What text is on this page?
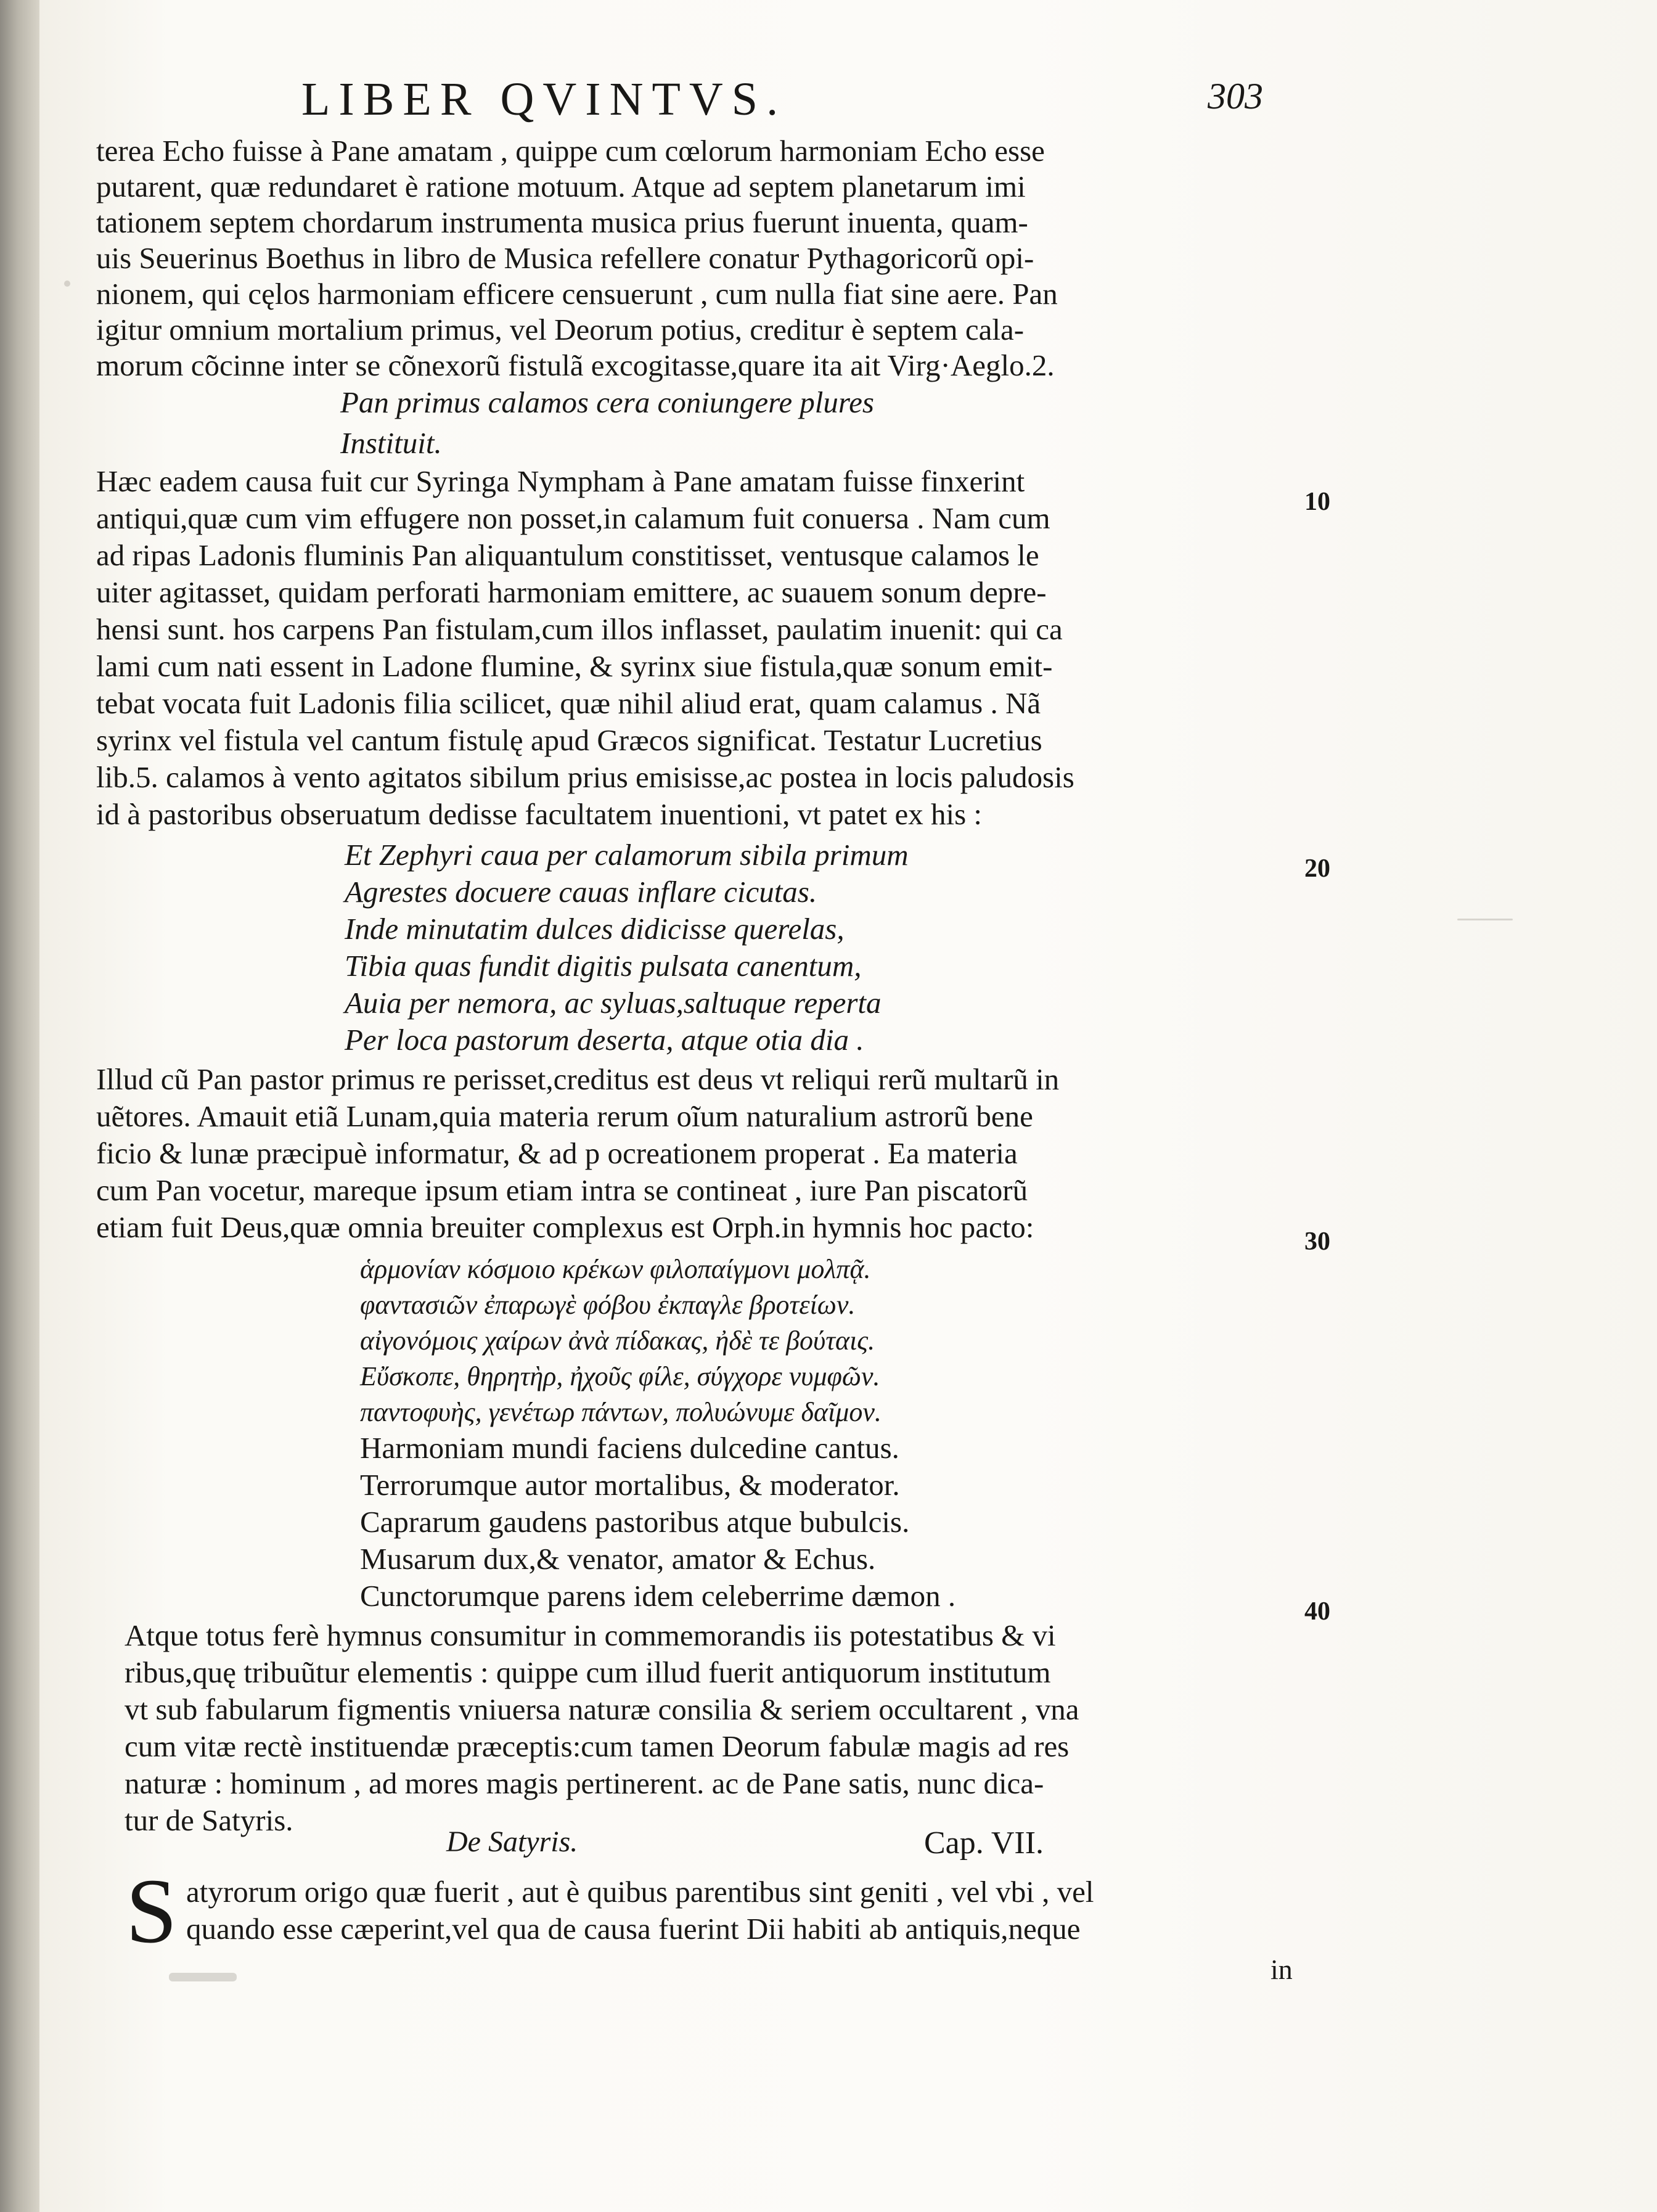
LIBER QVINTVS.	303
terea Echo fuisse à Pane amatam , quippe cum cœlorum harmoniam Echo esse
putarent, quæ redundaret è ratione motuum. Atque ad septem planetarum imi
tationem septem chordarum instrumenta musica prius fuerunt inuenta, quam-
uis Seuerinus Boethus in libro de Musica refellere conatur Pythagoricorũ opi-
nionem, qui cęlos harmoniam efficere censuerunt , cum nulla fiat sine aere. Pan
igitur omnium mortalium primus, vel Deorum potius, creditur è septem cala-
morum cõcinne inter se cõnexorũ fistulã excogitasse,quare ita ait Virg·Aeglo.2.
Pan primus calamos cera coniungere plures
Instituit.
Hæc eadem causa fuit cur Syringa Nympham à Pane amatam fuisse finxerint
antiqui,quæ cum vim effugere non posset,in calamum fuit conuersa . Nam cum
ad ripas Ladonis fluminis Pan aliquantulum constitisset, ventusque calamos le
uiter agitasset, quidam perforati harmoniam emittere, ac suauem sonum depre-
hensi sunt. hos carpens Pan fistulam,cum illos inflasset, paulatim inuenit: qui ca
lami cum nati essent in Ladone flumine, & syrinx siue fistula,quæ sonum emit-
tebat vocata fuit Ladonis filia scilicet, quæ nihil aliud erat, quam calamus . Nã
syrinx vel fistula vel cantum fistulę apud Græcos significat. Testatur Lucretius
lib.5. calamos à vento agitatos sibilum prius emisisse,ac postea in locis paludosis
id à pastoribus obseruatum dedisse facultatem inuentioni, vt patet ex his :
Et Zephyri caua per calamorum sibila primum
Agrestes docuere cauas inflare cicutas.
Inde minutatim dulces didicisse querelas,
Tibia quas fundit digitis pulsata canentum,
Auia per nemora, ac syluas,saltuque reperta
Per loca pastorum deserta, atque otia dia .
Illud cũ Pan pastor primus re perisset,creditus est deus vt reliqui rerũ multarũ in
uẽtores. Amauit etiã Lunam,quia materia rerum oĩum naturalium astrorũ bene
ficio & lunæ præcipuè informatur, & ad p ocreationem properat . Ea materia
cum Pan vocetur, mareque ipsum etiam intra se contineat , iure Pan piscatorũ
etiam fuit Deus,quæ omnia breuiter complexus est Orph.in hymnis hoc pacto:
ἁρμονίαν κόσμοιο κρέκων φιλοπαίγμονι μολπᾷ.
φαντασιῶν ἐπαρωγὲ φόβου ἐκπαγλε βροτείων.
αἰγονόμοις χαίρων ἀνὰ πίδακας, ἠδὲ τε βούταις.
Εὔσκοπε, θηρητὴρ, ἠχοῦς φίλε, σύγχορε νυμφῶν.
παντοφυὴς, γενέτωρ πάντων, πολυώνυμε δαῖμον.
Harmoniam mundi faciens dulcedine cantus.
Terrorumque autor mortalibus, & moderator.
Caprarum gaudens pastoribus atque bubulcis.
Musarum dux,& venator, amator & Echus.
Cunctorumque parens idem celeberrime dæmon .
Atque totus ferè hymnus consumitur in commemorandis iis potestatibus & vi
ribus,quę tribuũtur elementis : quippe cum illud fuerit antiquorum institutum
vt sub fabularum figmentis vniuersa naturæ consilia & seriem occultarent , vna
cum vitæ rectè instituendæ præceptis:cum tamen Deorum fabulæ magis ad res
naturæ : hominum , ad mores magis pertinerent. ac de Pane satis, nunc dica-
tur de Satyris.
De Satyris.	Cap. VII.
S atyrorum origo quæ fuerit , aut è quibus parentibus sint geniti , vel vbi , vel
quando esse cæperint,vel qua de causa fuerint Dii habiti ab antiquis,neque
in
10
20
30
40
